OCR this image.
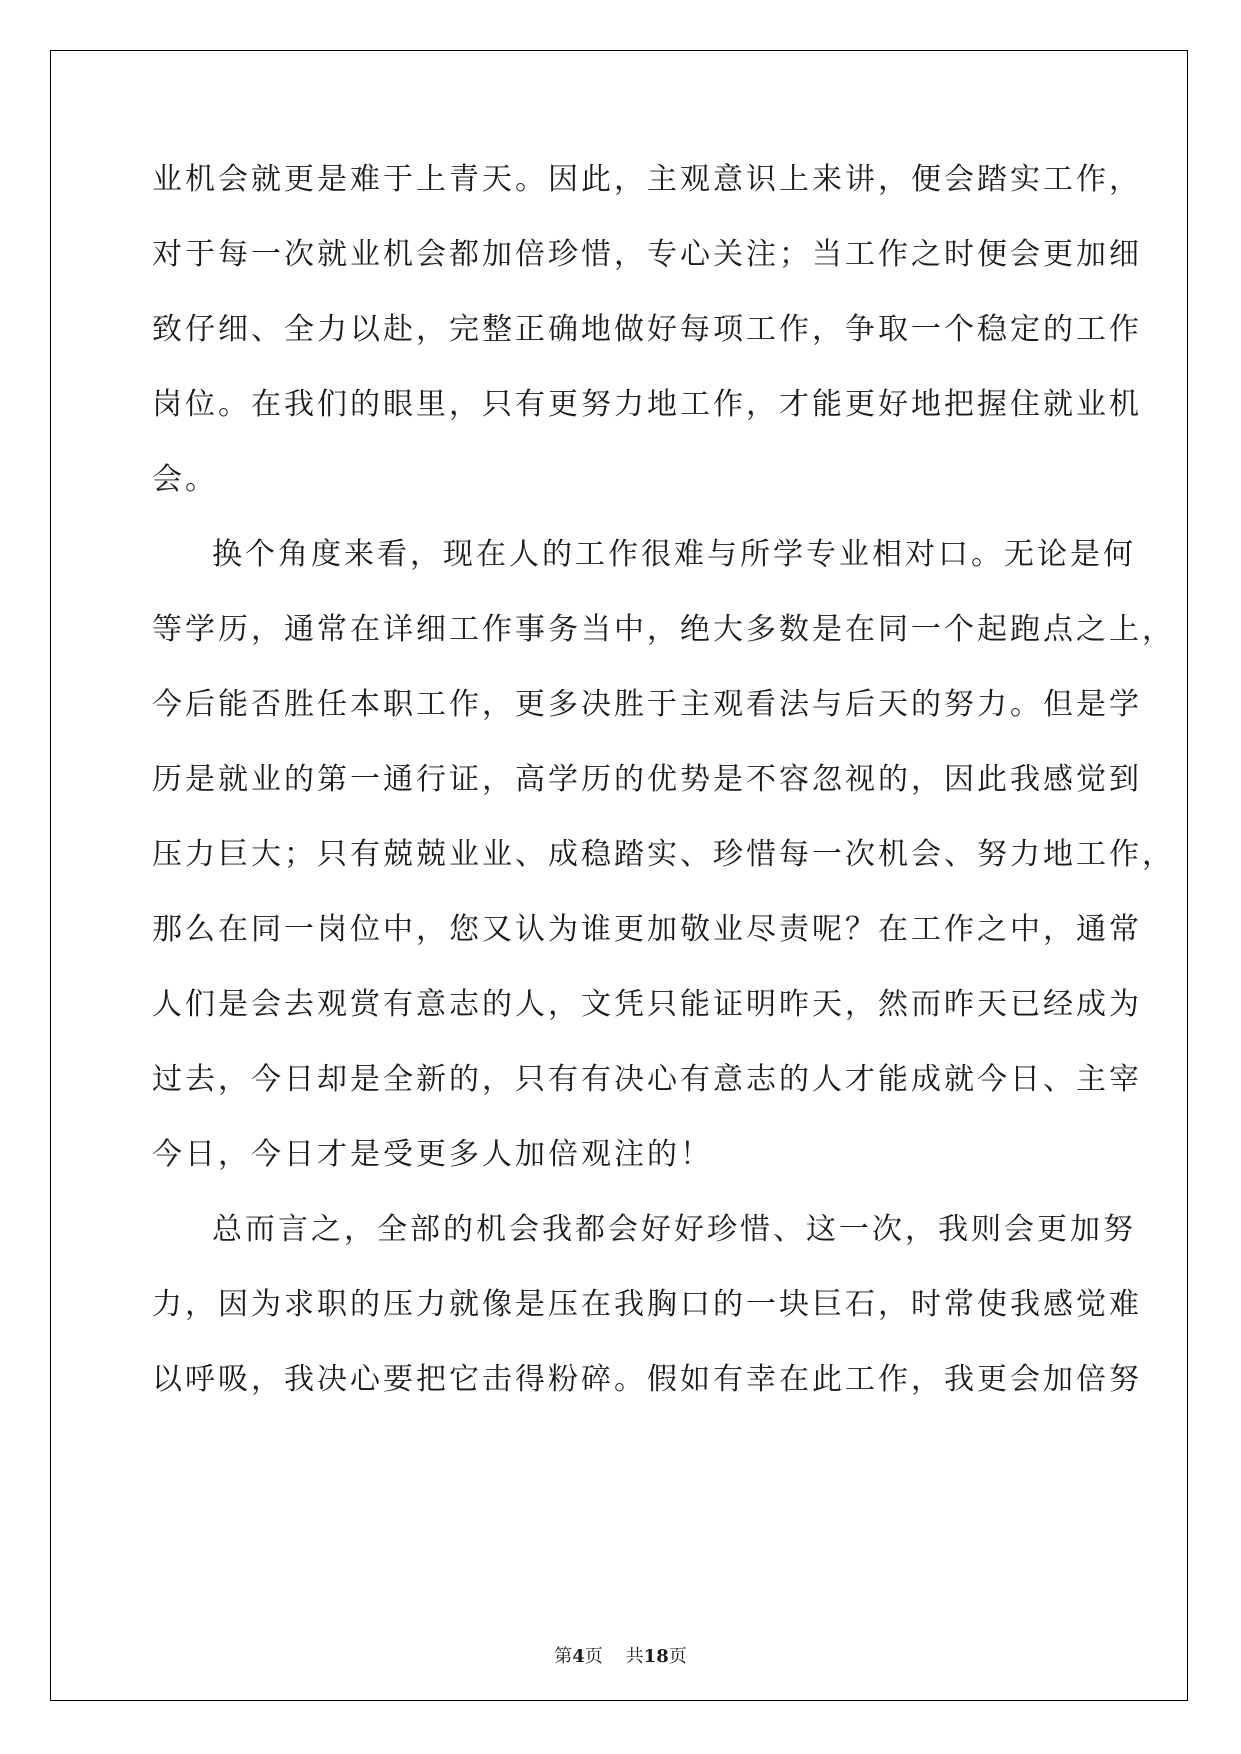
业机会就更是难于上青天。因此，主观意识上来讲，便会踏实工作，
对于每一次就业机会都加倍珍惜，专心关注；当工作之时便会更加细
致仔细、全力以赴，完整正确地做好每项工作，争取一个稳定的工作
岗位。在我们的眼里，只有更努力地工作，才能更好地把握住就业机
会。
换个角度来看，现在人的工作很难与所学专业相对口。无论是何
等学历，通常在详细工作事务当中，绝大多数是在同一个起跑点之上，
今后能否胜任本职工作，更多决胜于主观看法与后天的努力。但是学
历是就业的第一通行证，高学历的优势是不容忽视的，因此我感觉到
压力巨大；只有兢兢业业、成稳踏实、珍惜每一次机会、努力地工作，
那么在同一岗位中，您又认为谁更加敬业尽责呢？在工作之中，通常
人们是会去观赏有意志的人，文凭只能证明昨天，然而昨天已经成为
过去，今日却是全新的，只有有决心有意志的人才能成就今日、主宰
今日，今日才是受更多人加倍观注的！
总而言之，全部的机会我都会好好珍惜、这一次，我则会更加努
力，因为求职的压力就像是压在我胸口的一块巨石，时常使我感觉难
以呼吸，我决心要把它击得粉碎。假如有幸在此工作，我更会加倍努
第4页 共18页
